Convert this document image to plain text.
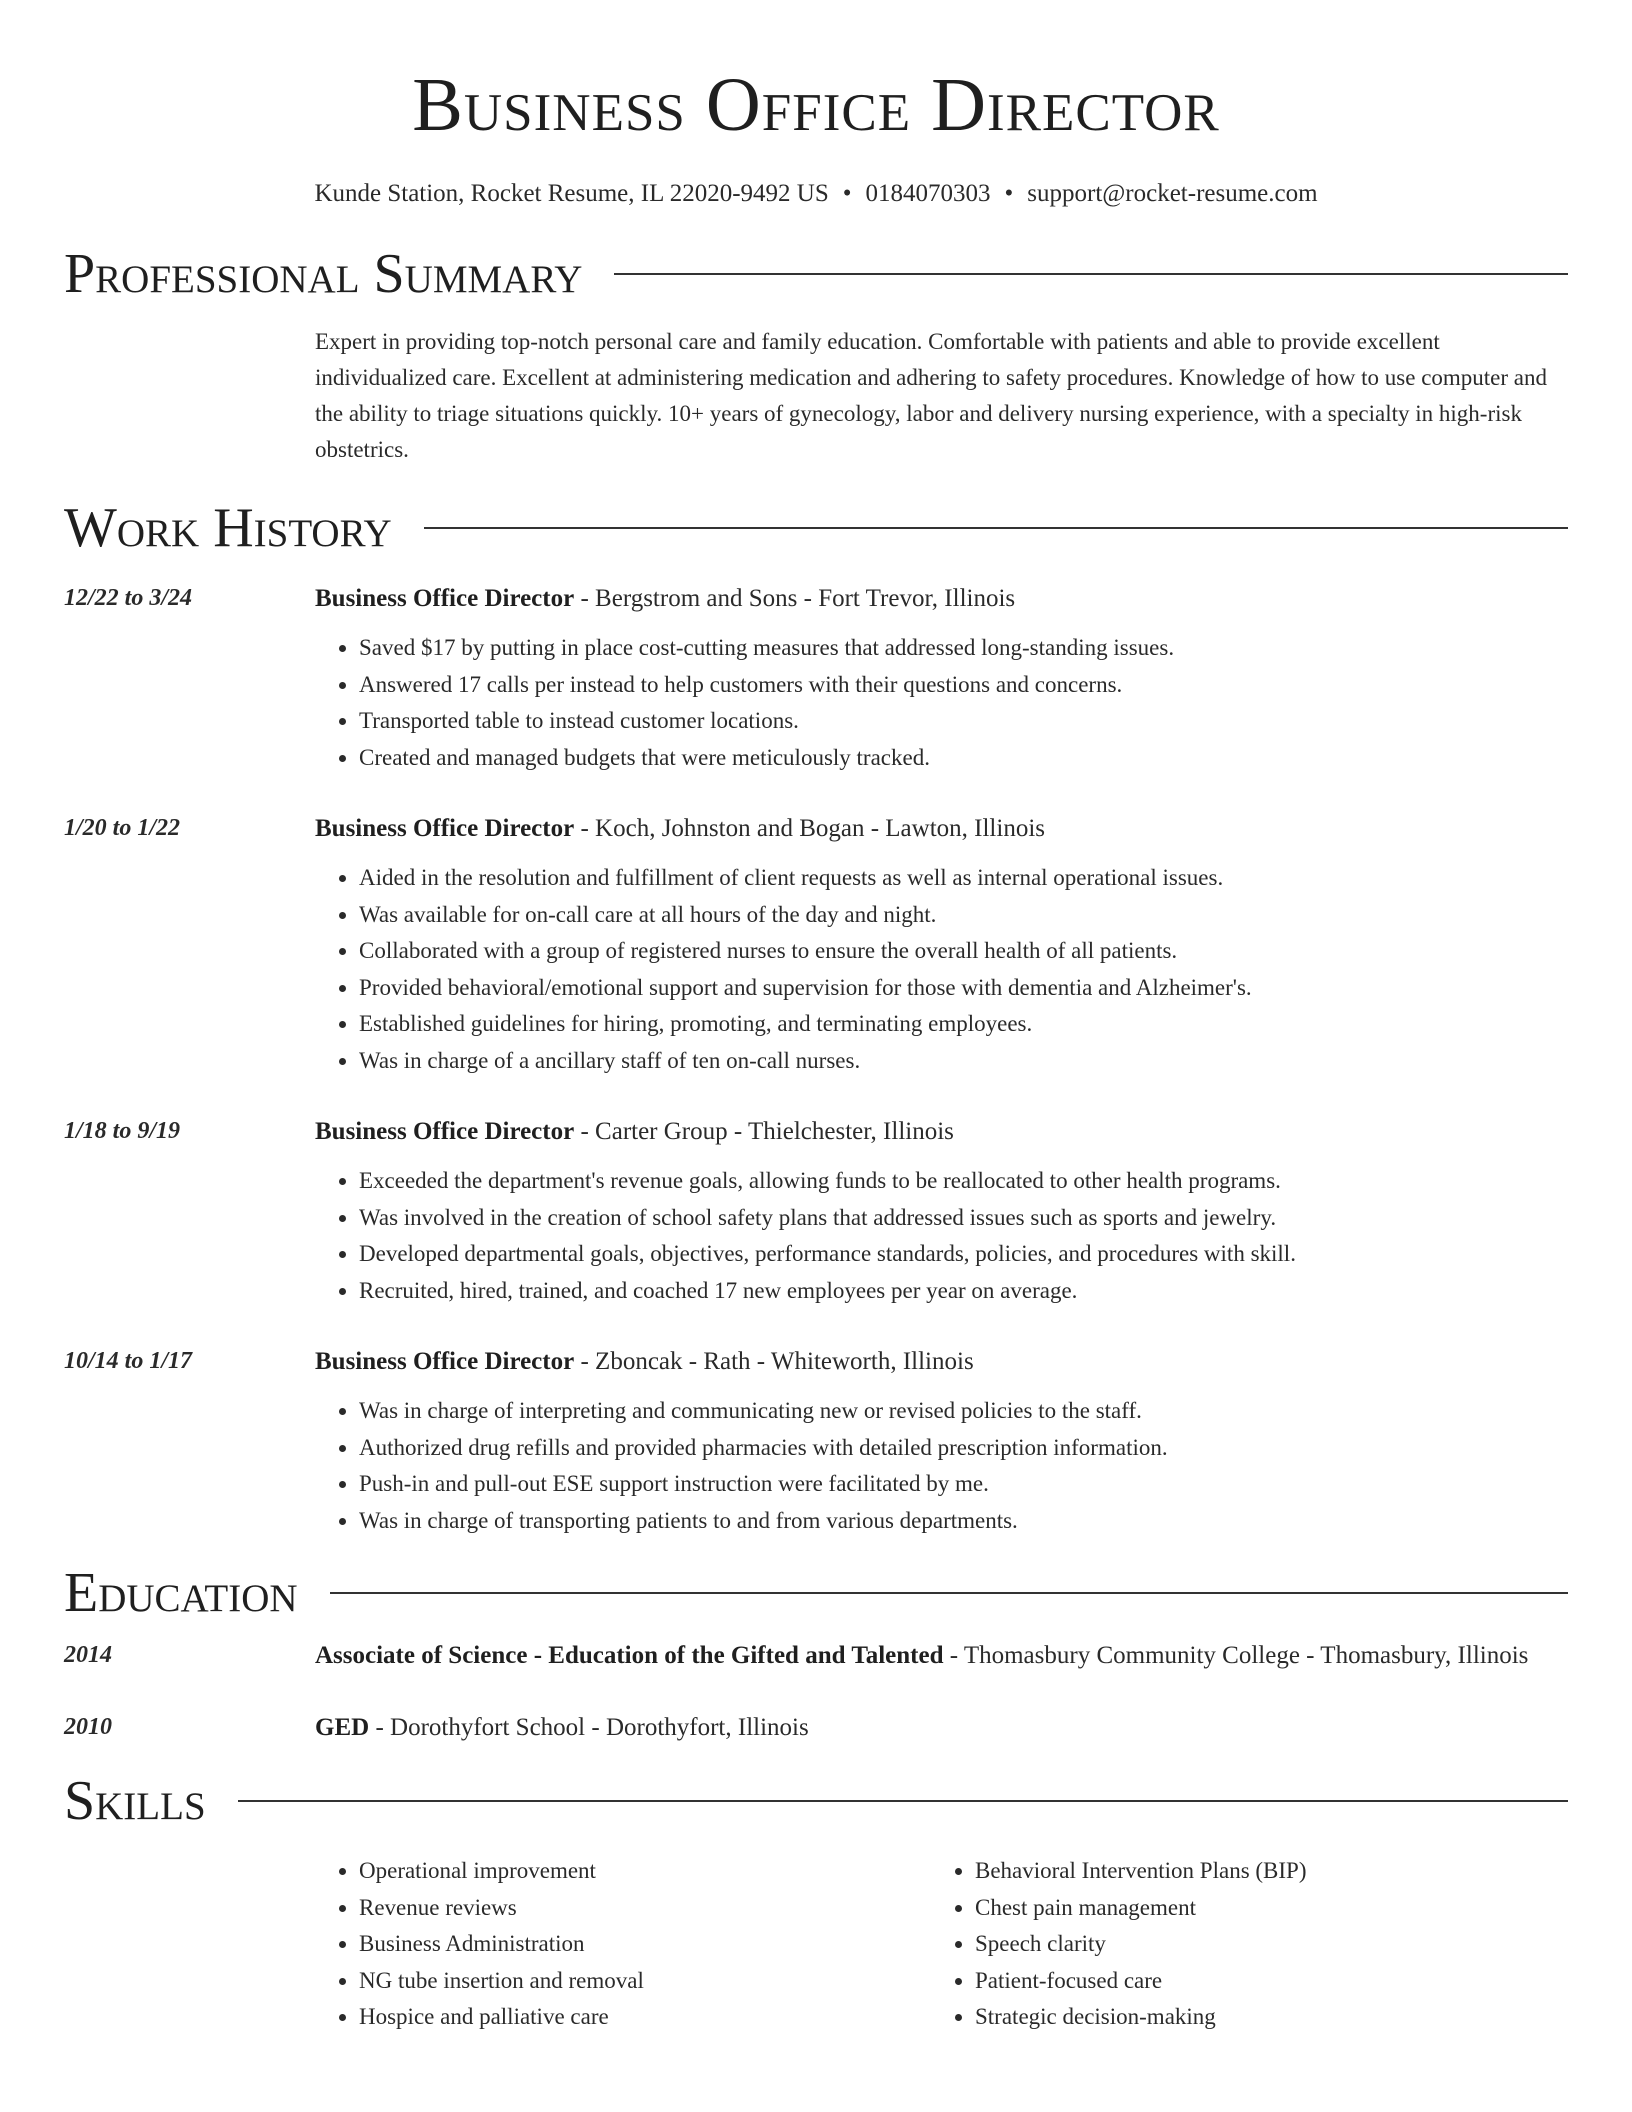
Business Office Director
Kunde Station, Rocket Resume, IL 22020-9492 US • 0184070303 • support@rocket-resume.com
Professional Summary
Expert in providing top-notch personal care and family education. Comfortable with patients and able to provide excellent individualized care. Excellent at administering medication and adhering to safety procedures. Knowledge of how to use computer and the ability to triage situations quickly. 10+ years of gynecology, labor and delivery nursing experience, with a specialty in high-risk obstetrics.
Work History
12/22 to 3/24	Business Office Director - Bergstrom and Sons - Fort Trevor, Illinois
• Saved $17 by putting in place cost-cutting measures that addressed long-standing issues.
• Answered 17 calls per instead to help customers with their questions and concerns.
• Transported table to instead customer locations.
• Created and managed budgets that were meticulously tracked.
1/20 to 1/22	Business Office Director - Koch, Johnston and Bogan - Lawton, Illinois
• Aided in the resolution and fulfillment of client requests as well as internal operational issues.
• Was available for on-call care at all hours of the day and night.
• Collaborated with a group of registered nurses to ensure the overall health of all patients.
• Provided behavioral/emotional support and supervision for those with dementia and Alzheimer's.
• Established guidelines for hiring, promoting, and terminating employees.
• Was in charge of a ancillary staff of ten on-call nurses.
1/18 to 9/19	Business Office Director - Carter Group - Thielchester, Illinois
• Exceeded the department's revenue goals, allowing funds to be reallocated to other health programs.
• Was involved in the creation of school safety plans that addressed issues such as sports and jewelry.
• Developed departmental goals, objectives, performance standards, policies, and procedures with skill.
• Recruited, hired, trained, and coached 17 new employees per year on average.
10/14 to 1/17	Business Office Director - Zboncak - Rath - Whiteworth, Illinois
• Was in charge of interpreting and communicating new or revised policies to the staff.
• Authorized drug refills and provided pharmacies with detailed prescription information.
• Push-in and pull-out ESE support instruction were facilitated by me.
• Was in charge of transporting patients to and from various departments.
Education
2014	Associate of Science - Education of the Gifted and Talented - Thomasbury Community College - Thomasbury, Illinois
2010	GED - Dorothyfort School - Dorothyfort, Illinois
Skills
• Operational improvement
• Revenue reviews
• Business Administration
• NG tube insertion and removal
• Hospice and palliative care
• Behavioral Intervention Plans (BIP)
• Chest pain management
• Speech clarity
• Patient-focused care
• Strategic decision-making
